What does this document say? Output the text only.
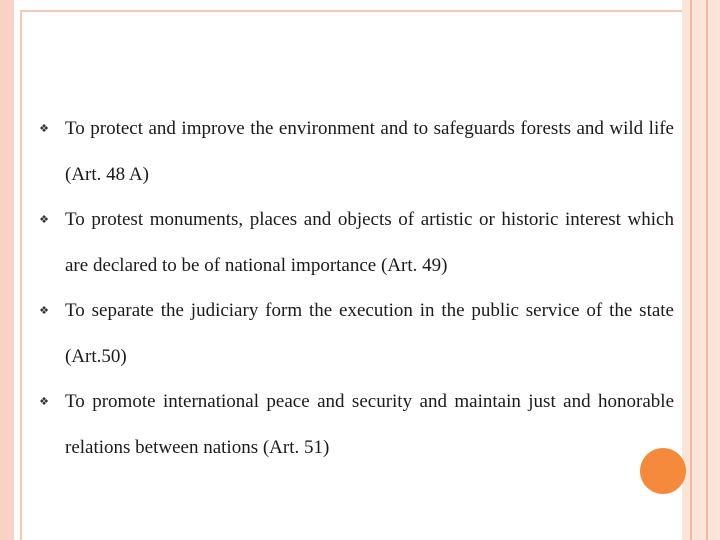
❖ To protect and improve the environment and to safeguards forests and wild life (Art. 48 A)
❖ To protest monuments, places and objects of artistic or historic interest which are declared to be of national importance (Art. 49)
❖ To separate the judiciary form the execution in the public service of the state (Art.50)
❖ To promote international peace and security and maintain just and honorable relations between nations (Art. 51)
